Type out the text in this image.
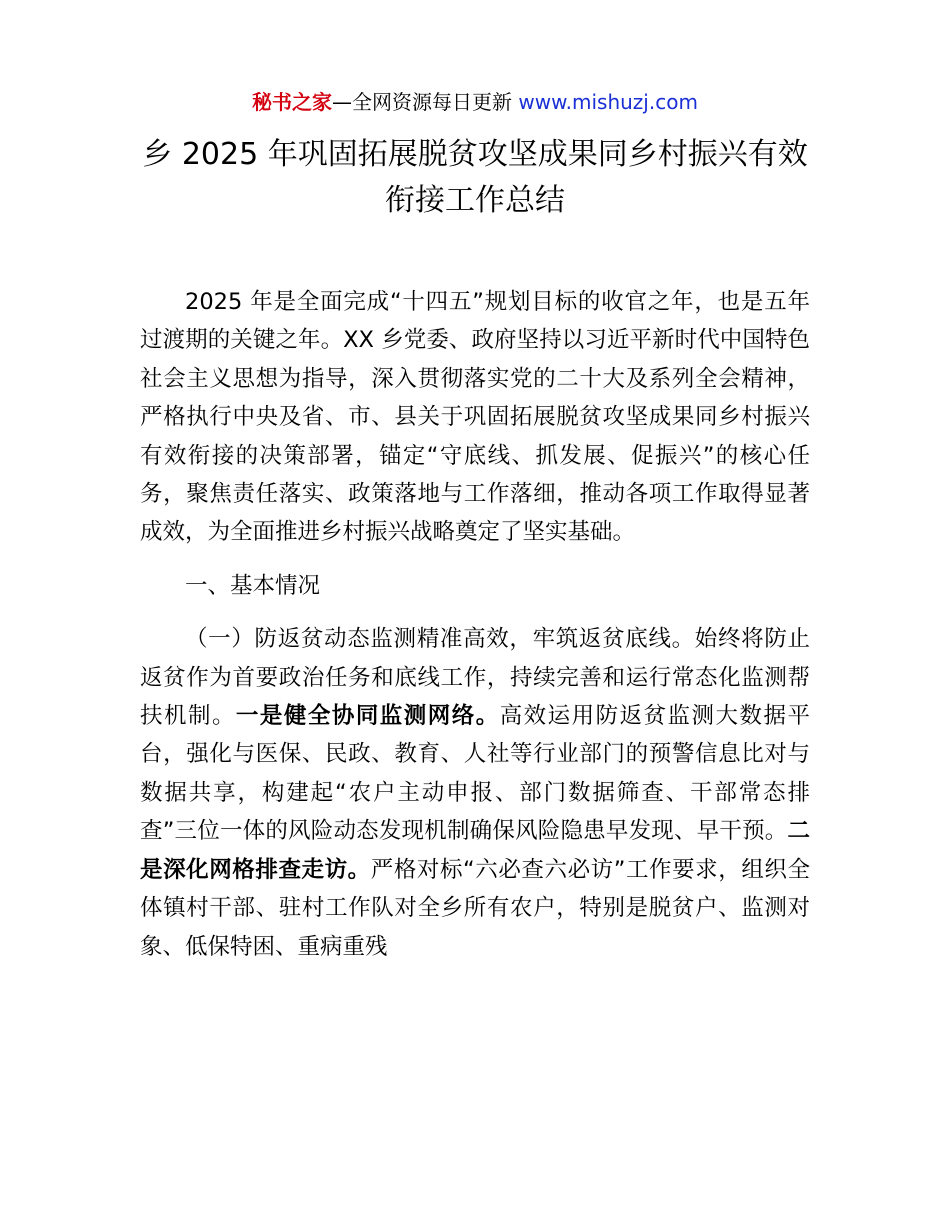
秘书之家—全网资源每日更新 www.mishuzj.com
乡 2025 年巩固拓展脱贫攻坚成果同乡村振兴有效衔接工作总结

2025 年是全面完成“十四五”规划目标的收官之年，也是五年过渡期的关键之年。XX 乡党委、政府坚持以习近平新时代中国特色社会主义思想为指导，深入贯彻落实党的二十大及系列全会精神，严格执行中央及省、市、县关于巩固拓展脱贫攻坚成果同乡村振兴有效衔接的决策部署，锚定“守底线、抓发展、促振兴”的核心任务，聚焦责任落实、政策落地与工作落细，推动各项工作取得显著成效，为全面推进乡村振兴战略奠定了坚实基础。

一、基本情况

（一）防返贫动态监测精准高效，牢筑返贫底线。始终将防止返贫作为首要政治任务和底线工作，持续完善和运行常态化监测帮扶机制。一是健全协同监测网络。高效运用防返贫监测大数据平台，强化与医保、民政、教育、人社等行业部门的预警信息比对与数据共享，构建起“农户主动申报、部门数据筛查、干部常态排查”三位一体的风险动态发现机制确保风险隐患早发现、早干预。二是深化网格排查走访。严格对标“六必查六必访”工作要求，组织全体镇村干部、驻村工作队对全乡所有农户，特别是脱贫户、监测对象、低保特困、重病重残
